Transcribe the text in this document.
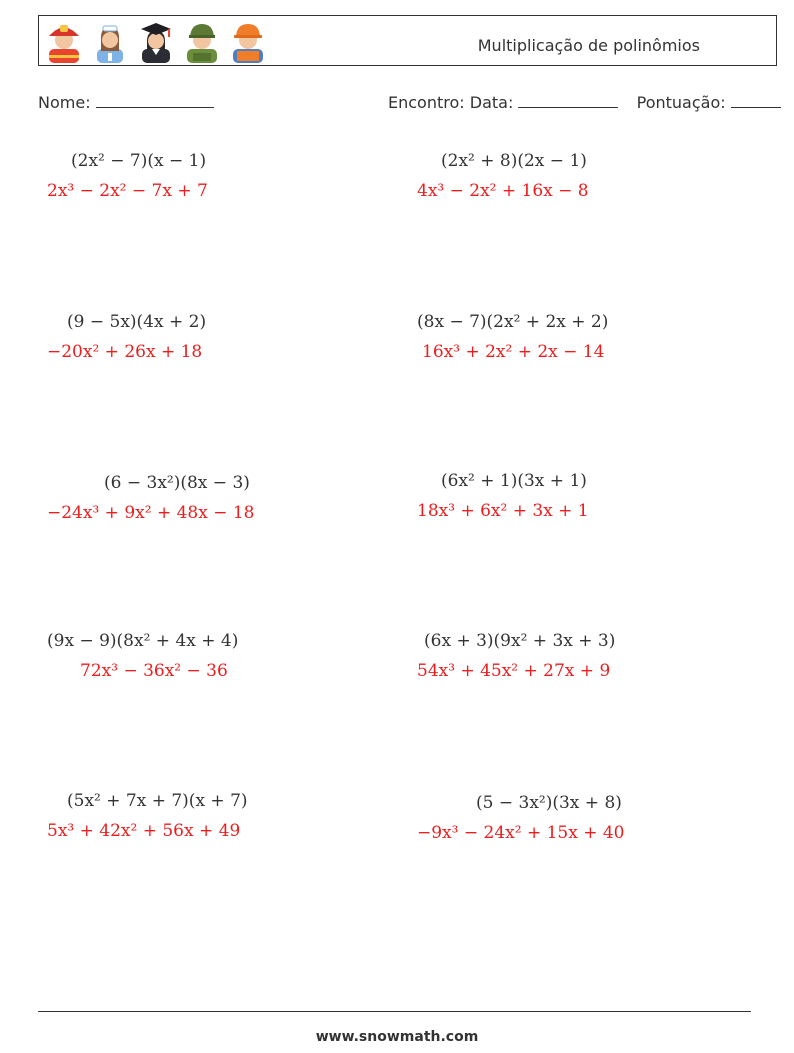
Multiplicação de polinômios
Nome:	Encontro: Data:	Pontuação:
(2x² − 7)(x − 1)
2x³ − 2x² − 7x + 7
(2x² + 8)(2x − 1)
4x³ − 2x² + 16x − 8
(9 − 5x)(4x + 2)
−20x² + 26x + 18
(8x − 7)(2x² + 2x + 2)
16x³ + 2x² + 2x − 14
(6 − 3x²)(8x − 3)
−24x³ + 9x² + 48x − 18
(6x² + 1)(3x + 1)
18x³ + 6x² + 3x + 1
(9x − 9)(8x² + 4x + 4)
72x³ − 36x² − 36
(6x + 3)(9x² + 3x + 3)
54x³ + 45x² + 27x + 9
(5x² + 7x + 7)(x + 7)
5x³ + 42x² + 56x + 49
(5 − 3x²)(3x + 8)
−9x³ − 24x² + 15x + 40
www.snowmath.com
